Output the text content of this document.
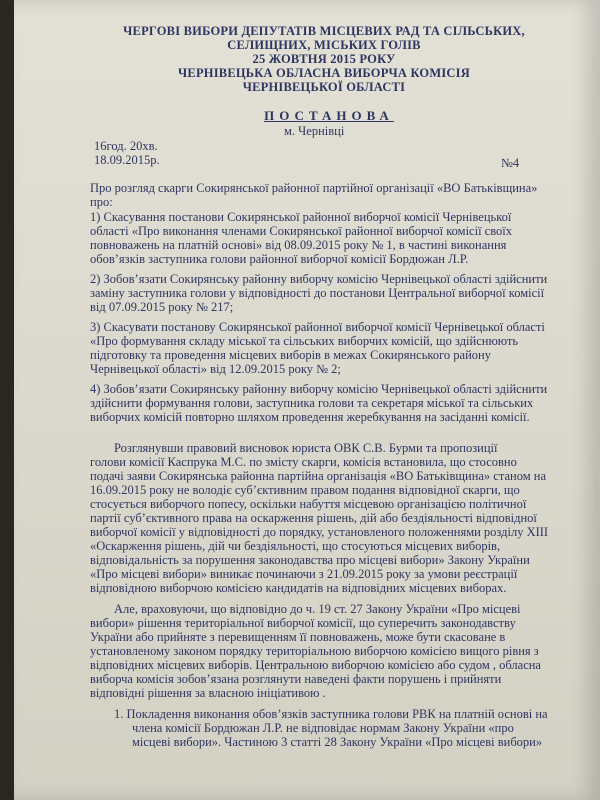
ЧЕРГОВІ ВИБОРИ ДЕПУТАТІВ МІСЦЕВИХ РАД ТА СІЛЬСЬКИХ,
СЕЛИЩНИХ, МІСЬКИХ ГОЛІВ
25 ЖОВТНЯ 2015 РОКУ
ЧЕРНІВЕЦЬКА ОБЛАСНА ВИБОРЧА КОМІСІЯ
ЧЕРНІВЕЦЬКОЇ ОБЛАСТІ
ПОСТАНОВА
м. Чернівці
16год. 20хв.
18.09.2015р.	№4
Про розгляд скарги Сокирянської районної партійної організації «ВО Батьківщина»
про:
1) Скасування постанови Сокирянської районної виборчої комісії Чернівецької
області «Про виконання членами Сокирянської районної виборчої комісії своїх
повноважень на платній основі» від 08.09.2015 року № 1, в частині виконання
обов’язків заступника голови районної виборчої комісії Бордюжан Л.Р.
2) Зобов’язати Сокирянську районну виборчу комісію Чернівецької області здійснити
заміну заступника голови у відповідності до постанови Центральної виборчої комісії
від 07.09.2015 року № 217;
3) Скасувати постанову Сокирянської районної виборчої комісії Чернівецької області
«Про формування складу міської та сільських виборчих комісій, що здійснюють
підготовку та проведення місцевих виборів в межах Сокирянського району
Чернівецької області» від 12.09.2015 року № 2;
4) Зобов’язати Сокирянську районну виборчу комісію Чернівецької області здійснити
здійснити формування голови, заступника голови та секретаря міської та сільських
виборчих комісій повторно шляхом проведення жеребкування на засіданні комісії.
Розглянувши правовий висновок юриста ОВК С.В. Бурми та пропозиції
голови комісії Каспрука М.С. по змісту скарги, комісія встановила, що стосовно
подачі заяви Сокирянська районна партійна організація «ВО Батьківщина» станом на
16.09.2015 року не володіє суб’єктивним правом подання відповідної скарги, що
стосується виборчого попесу, оскільки набуття місцевою організацією політичної
партії суб’єктивного права на оскарження рішень, дій або бездіяльності відповідної
виборчої комісії у відповідності до порядку, установленого положеннями розділу XIII
«Оскарження рішень, дій чи бездіяльності, що стосуються місцевих виборів,
відповідальність за порушення законодавства про місцеві вибори» Закону України
«Про місцеві вибори» виникає починаючи з 21.09.2015 року за умови реєстрації
відповідною виборчою комісією кандидатів на відповідних місцевих виборах.
Але, враховуючи, що відповідно до ч. 19 ст. 27 Закону України «Про місцеві
вибори» рішення територіальної виборчої комісії, що суперечить законодавству
України або прийняте з перевищенням її повноважень, може бути скасоване в
установленому законом порядку територіальною виборчою комісією вищого рівня з
відповідних місцевих виборів. Центральною виборчою комісією або судом , обласна
виборча комісія зобов’язана розглянути наведені факти порушень і прийняти
відповідні рішення за власною ініціативою .
1. Покладення виконання обов’язків заступника голови РВК на платній основі на
члена комісії Бордюжан Л.Р. не відповідає нормам Закону України «про
місцеві вибори». Частиною 3 статті 28 Закону України «Про місцеві вибори»
